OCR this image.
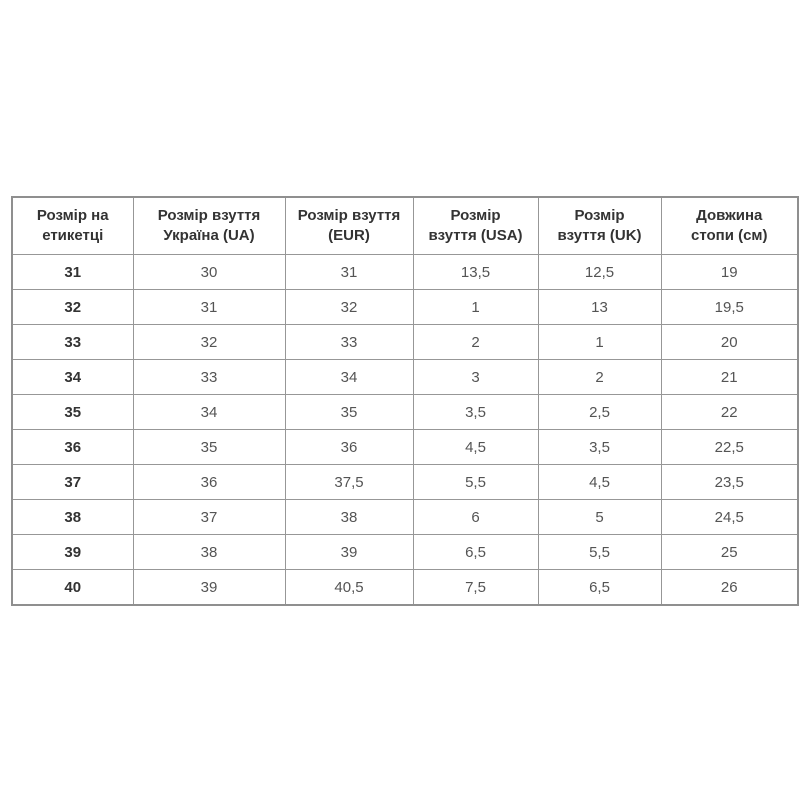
Розмір на етикетці	Розмір взуття Україна (UA)	Розмір взуття (EUR)	Розмір взуття (USA)	Розмір взуття (UK)	Довжина стопи (см)
31	30	31	13,5	12,5	19
32	31	32	1	13	19,5
33	32	33	2	1	20
34	33	34	3	2	21
35	34	35	3,5	2,5	22
36	35	36	4,5	3,5	22,5
37	36	37,5	5,5	4,5	23,5
38	37	38	6	5	24,5
39	38	39	6,5	5,5	25
40	39	40,5	7,5	6,5	26
